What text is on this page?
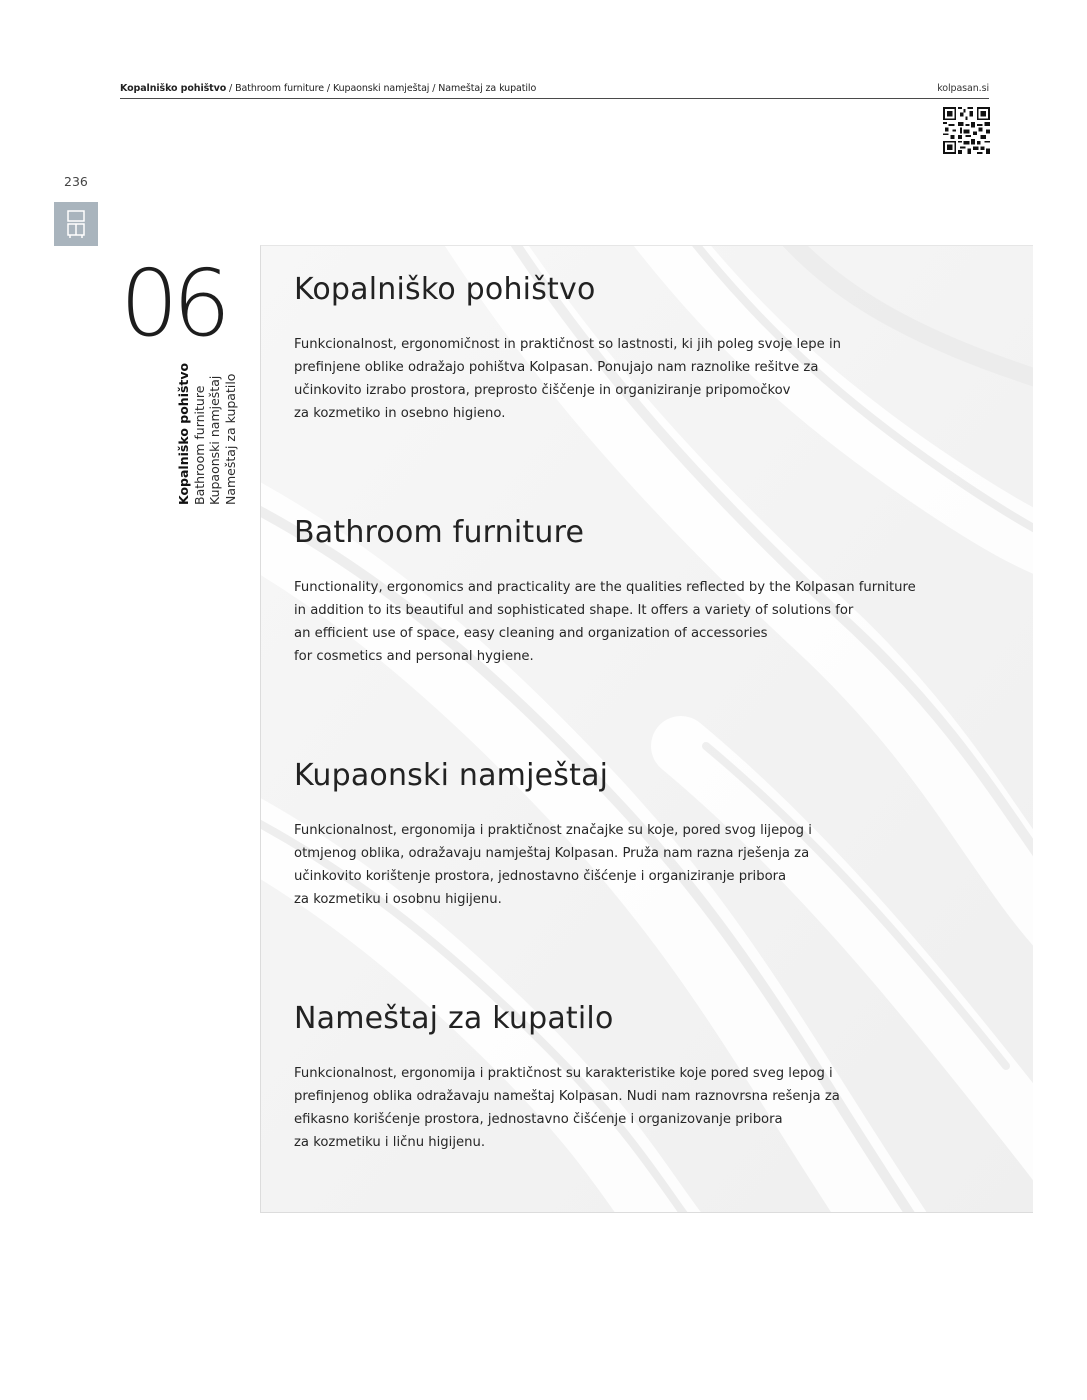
Kopalniško pohištvo / Bathroom furniture / Kupaonski namještaj / Nameštaj za kupatilo	kolpasan.si
236
06
Kopalniško pohištvo Bathroom furniture Kupaonski namještaj Nameštaj za kupatilo
Kopalniško pohištvo

Funkcionalnost, ergonomičnost in praktičnost so lastnosti, ki jih poleg svoje lepe in
prefinjene oblike odražajo pohištva Kolpasan. Ponujajo nam raznolike rešitve za
učinkovito izrabo prostora, preprosto čiščenje in organiziranje pripomočkov
za kozmetiko in osebno higieno.

Bathroom furniture

Functionality, ergonomics and practicality are the qualities reflected by the Kolpasan furniture
in addition to its beautiful and sophisticated shape. It offers a variety of solutions for
an efficient use of space, easy cleaning and organization of accessories
for cosmetics and personal hygiene.

Kupaonski namještaj

Funkcionalnost, ergonomija i praktičnost značajke su koje, pored svog lijepog i
otmjenog oblika, odražavaju namještaj Kolpasan. Pruža nam razna rješenja za
učinkovito korištenje prostora, jednostavno čišćenje i organiziranje pribora
za kozmetiku i osobnu higijenu.

Nameštaj za kupatilo

Funkcionalnost, ergonomija i praktičnost su karakteristike koje pored sveg lepog i
prefinjenog oblika odražavaju nameštaj Kolpasan. Nudi nam raznovrsna rešenja za
efikasno korišćenje prostora, jednostavno čišćenje i organizovanje pribora
za kozmetiku i ličnu higijenu.
